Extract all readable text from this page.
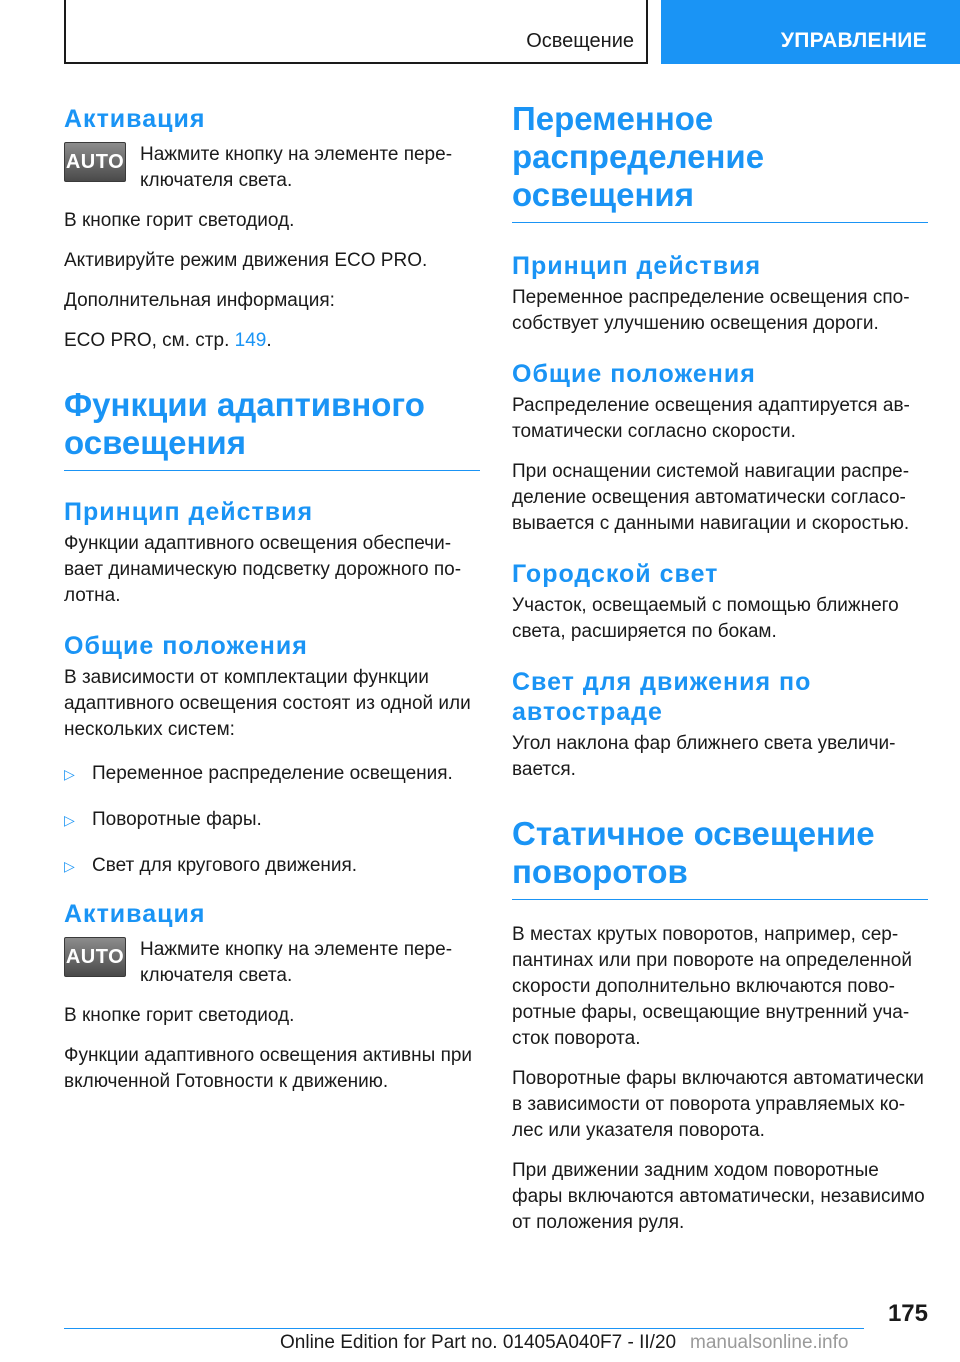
Освещение	УПРАВЛЕНИЕ
Активация
AUTO Нажмите кнопку на элементе переключателя света.

В кнопке горит светодиод.

Активируйте режим движения ECO PRO.

Дополнительная информация:

ECO PRO, см. стр. 149.

Функции адаптивного освещения
Принцип действия

Функции адаптивного освещения обеспечивает динамическую подсветку дорожного полотна.

Общие положения

В зависимости от комплектации функции адаптивного освещения состоят из одной или нескольких систем:

▷ Переменное распределение освещения.
▷ Поворотные фары.
▷ Свет для кругового движения.
Активация
AUTO Нажмите кнопку на элементе переключателя света.

В кнопке горит светодиод.

Функции адаптивного освещения активны при включенной Готовности к движению.

Переменное распределение освещения
Принцип действия

Переменное распределение освещения способствует улучшению освещения дороги.

Общие положения

Распределение освещения адаптируется автоматически согласно скорости.

При оснащении системой навигации распределение освещения автоматически согласовывается с данными навигации и скоростью.

Городской свет

Участок, освещаемый с помощью ближнего света, расширяется по бокам.

Свет для движения по автостраде

Угол наклона фар ближнего света увеличивается.

Статичное освещение поворотов

В местах крутых поворотов, например, серпантинах или при повороте на определенной скорости дополнительно включаются поворотные фары, освещающие внутренний участок поворота.

Поворотные фары включаются автоматически в зависимости от поворота управляемых колес или указателя поворота.

При движении задним ходом поворотные фары включаются автоматически, независимо от положения руля.

175
Online Edition for Part no. 01405A040F7 - II/20 manualsonline.info
